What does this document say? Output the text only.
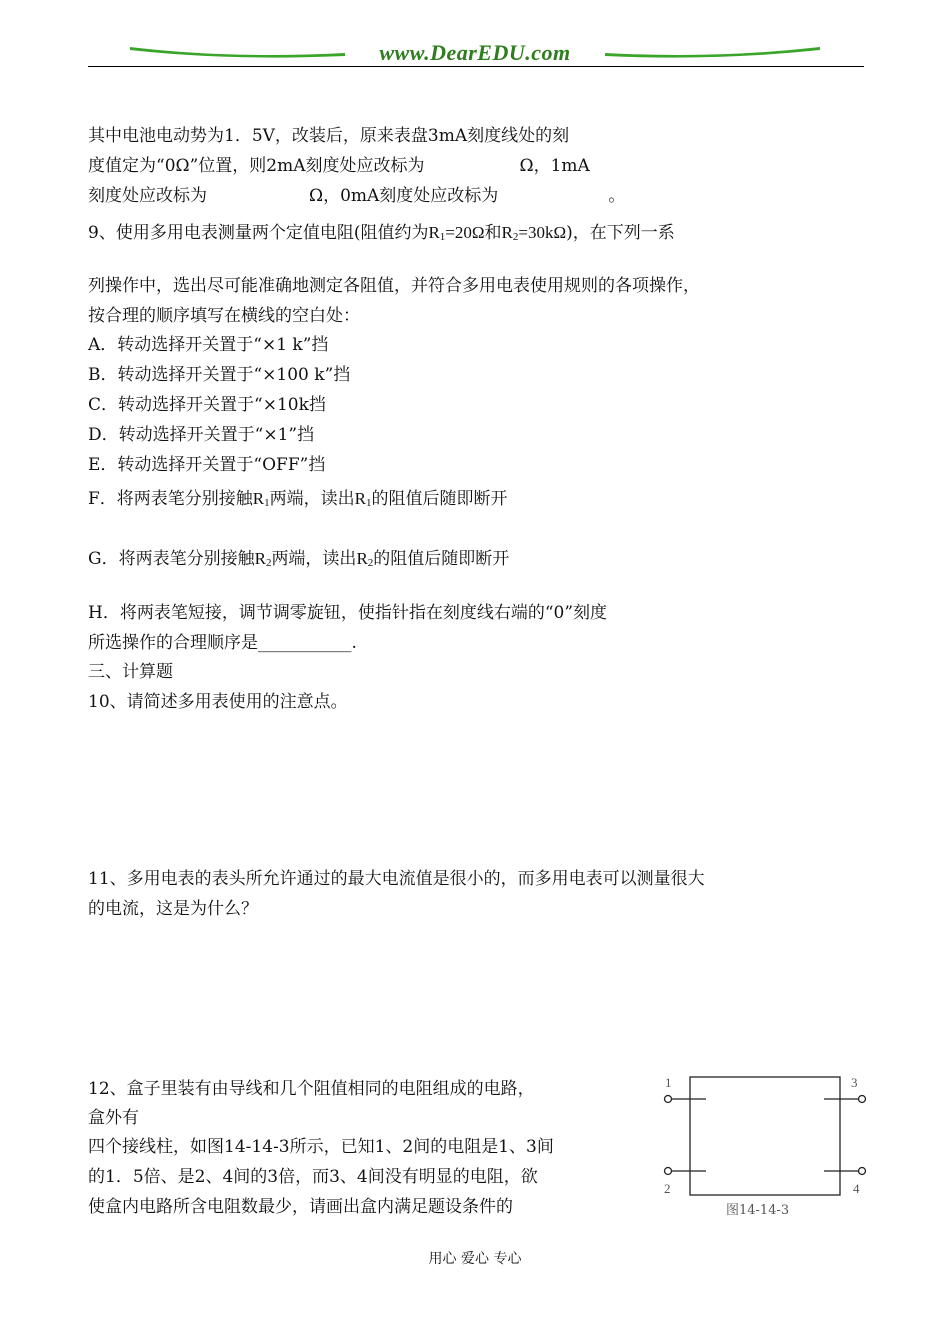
www.DearEDU.com
其中电池电动势为1．5V，改装后，原来表盘3mA刻度线处的刻
度值定为“0Ω”位置，则2mA刻度处应改标为	Ω，1mA
刻度处应改标为	Ω，0mA刻度处应改标为	。
9、使用多用电表测量两个定值电阻(阻值约为R1=20Ω和R2=30kΩ)，在下列一系
列操作中，选出尽可能准确地测定各阻值，并符合多用电表使用规则的各项操作，
按合理的顺序填写在横线的空白处：
A．转动选择开关置于“×1 k”挡
B．转动选择开关置于“×100 k”挡
C．转动选择开关置于“×10k挡
D．转动选择开关置于“×1”挡
E．转动选择开关置于“OFF”挡
F．将两表笔分别接触R1两端，读出R1的阻值后随即断开
G．将两表笔分别接触R2两端，读出R2的阻值后随即断开
H．将两表笔短接，调节调零旋钮，使指针指在刻度线右端的“0”刻度
所选操作的合理顺序是___________.
三、计算题
10、请简述多用表使用的注意点。
11、多用电表的表头所允许通过的最大电流值是很小的，而多用电表可以测量很大
的电流，这是为什么？
12、盒子里装有由导线和几个阻值相同的电阻组成的电路，
盒外有
四个接线柱，如图14-14-3所示，已知1、2间的电阻是1、3间
的1．5倍、是2、4间的3倍，而3、4间没有明显的电阻，欲
使盒内电路所含电阻数最少，请画出盒内满足题设条件的
1
2
3
4
图14-14-3
用心 爱心 专心
